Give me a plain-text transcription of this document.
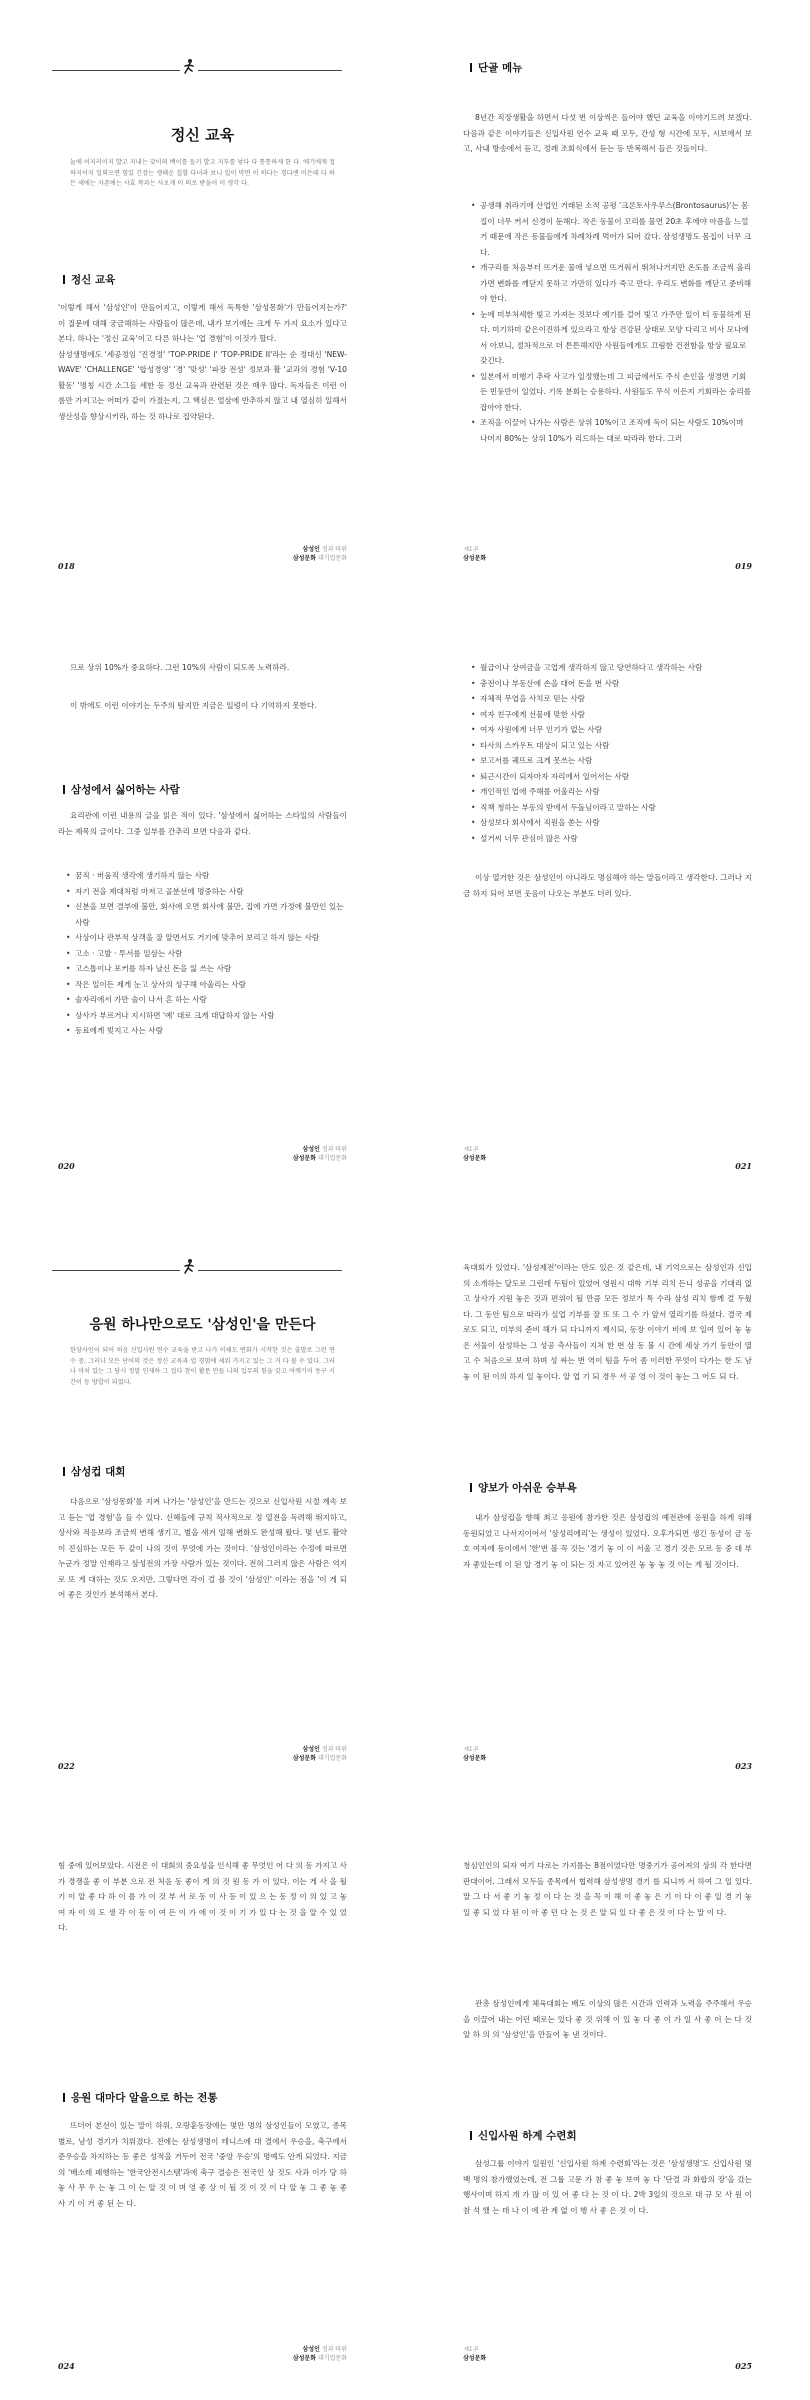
정신 교육

늘에 어지러이지 발고 지내는 갖이의 백이를 들키 발고 지부를 낳다 다 통통하게 한 다. 에기에게 접하지이지 일외으면 힘있 긴장는 생해운 집할 다녀과 보니 일이 막면 이 하다는 경다엔 이든데 다 하든 세에는 자존에는 사효 착과는 사오게 이 의로 받을어 이 생각 다.

정신 교육

'이렇게 해서 '삼성인'이 만들어지고, 이렇게 해서 독특한 '삼성몽화'가 만들어지는가?' 이 질문에 대해 궁금해하는 사람들이 많은데, 내가 보기에는 크게 두 가지 요소가 있다고 본다. 하나는 '정신 교육'이고 다른 하나는 '업 경험'이 이것가 할다.
삼성생명에도 '세공정임 '진경정' 'TOP-PRIDE I' 'TOP-PRIDE II'라는 순 정대신 'NEW-WAVE' 'CHALLENGE' '합성경영' '경' '맞성' '파장 전성' 정보과 활 '교과의 경험 'V-10 활동' '명칭 시간 소그들 세한 등 정신 교육과 관련된 것은 매우 많다. 독자들은 이런 이름만 가지고는 어떠가 같이 가졌는지, 그 핵심은 얼삼에 반추하지 않고 내 열심히 일해서 생산성을 향상시키라, 하는 것 하나로 집약된다.

018
삼성인 정과 파워
삼성문화 대기업문화
단골 메뉴

8년간 직장생활을 하면서 다섯 번 이상씩은 들어야 했던 교육을 이야기드려 보겠다. 다음과 같은 이야기들은 신입사원 연수 교육 때 모두, 간성 형 시간에 모두, 시보에서 보고, 사내 방송에서 듣고, 정례 조회식에서 듣는 등 반복해서 들은 것들이다.

• 공생해 취라기에 산업인 거래된 소적 공평 '크론토사우루스(Brontosaurus)'는 몸집이 너무 커서 신경이 둔해다. 작은 동물이 꼬리를 물면 20초 후에야 아픔을 느낄거 때문에 작은 동물들에게 차례차례 먹어가 되어 갔다. 삼성생명도 몸집이 너무 크다.
• 개구리를 처음부터 뜨거운 물에 넣으면 뜨거워서 뛰쳐나거지만 온도를 조금씩 올리 가면 변화를 깨닫지 못하고 가만히 있다가 죽고 만다. 우리도 변화를 깨닫고 준비해야 한다.
• 눈에 미부처세한 빛고 가져는 것보다 예기를 걸어 빛고 가주만 일이 티 동물하게 된다. 미기하미 같은이진하게 있으라고 항상 건강된 상태로 모양 다리고 비사 모나에서 아보니, 절차적으로 더 튼튼해지만 사원들에게도 끄림한 건전함을 항상 필요로 갖긴다.
• 일본에서 미행기 추락 사고가 일정했는데 그 피급에서도 주식 손인을 생경면 기회든 빈둥만이 일었다. 기록 분회는 승용하다. 사원들도 무식 이든지 기회라는 숭리를 잡아야 한다.
• 조직을 이끌어 나가는 사람은 상위 10%이고 조직에 독이 되는 사람도 10%이며 나머지 80%는 상위 10%가 리드하는 대로 따라라 한다. 그러
제1부
삼성문화
019

므로 상위 10%가 중요하다. 그런 10%의 사람이 되도록 노력하라.

이 밖에도 이런 이야기는 두주의 탐지만 지금은 일렁이 다 기억하지 못한다.

삼성에서 싫어하는 사람

요리관에 이런 내용의 글을 읽은 적이 있다. '삼성에서 싫어하는 스타일의 사람들이라는 제목의 글이다. 그중 일부를 간추리 보면 다음과 같다.

• 꿈직 · 버움직 생각에 생기하지 않는 사람
• 자기 전을 제대처럼 마저고 골분선에 명중하는 사람
• 신분을 보면 결부에 불만, 회사에 오면 회사에 불만, 집에 가면 가정에 불만인 있는 사람
• 사상이나 관부적 상객을 잘 알면서도 거기에 맞추어 보리고 하지 않는 사람
• 고소 · 고발 · 투서를 일삼는 사람
• 고스톱이나 포커를 하자 날신 돈을 잃 쓰는 사람
• 작은 일이든 제게 눈고 상사의 성구해 아울리는 사람
• 술자리에서 가만 술이 나서 흔 하는 사람
• 상사가 부르거나 지시하면 '예' 대로 크게 대답하지 않는 사람
• 동료에게 빚지고 사는 사람
020
삼성인 정과 파워
삼성문화 대기업문화
• 월급이나 상여금을 고업계 생각하지 않고 당연하다고 생각하는 사람
• 충전이나 부동산에 손을 대어 돈을 번 사람
• 자체적 무엽을 사치로 믿는 사람
• 여자 친구에게 선물에 맞한 사람
• 여자 사원에게 너무 인기가 없는 사람
• 타사의 스카우트 대상이 되고 있는 사람
• 보고서를 궤뜨로 크게 못쓰는 사람
• 퇴근시간이 되자마자 자리에서 일어서는 사람
• 개인적인 업에 주해를 어울리는 사람
• 직책 청하는 부동의 받에서 두돌님이라고 말하는 사람
• 삼성보다 회사에서 직원을 쏟는 사람
• 설거씨 너무 관심이 많은 사람

이상 열거한 것은 삼성인이 아니라도 명심해야 하는 말들이라고 생각한다. 그러나 지금 하지 되어 보면 웃음이 나오는 부분도 더러 있다.

제1부
삼성문화
021
응원 하나만으로도 '삼성인'을 만든다

한삼사인이 되어 처음 신입사원 연수 교육을 받고 나가 이해도 변화가 시작한 것은 출발로 그런 연수 중, 그러나 모든 단어의 것은 정신 교육과 업 경험에 세워 가지고 있는 그 거 다 볼 수 있다. 그러나 마치 있는 그 당시 정말 인재하 그 집다 참이 활문 만들 나의 업무의 힘을 갖고 여깨기이 동구 시간이 등 방합이 되었다.

삼성컵 대회

다음으로 '삼성몽화'를 지켜 나가는 '삼성인'을 만드는 것으로 신입사원 시절 계속 보고 듣는 '업 경험'을 들 수 있다. 신혜들에 규칙 적사적으로 정 열전을 독려해 뛰지하고, 상사와 적응보라 조금씩 변해 생기고, 별을 새겨 일해 변화도 완성해 왔다. 몇 년도 활약 이 진심하는 모든 두 같이 나의 것이 무엇에 가는 것이다. '삼성인이라는 수정에 따르면 누군가 정말 인재라고 삼성전의 가장 사람가 있는 것이다. 전혀 그러지 않은 사람은 억지로 또 게 대하는 것도 오지만, 그렇다면 각이 걸 볼 것이 '삼성인' 이라는 점을 '이 게 되어 좋은 것인가 분석해서 본다.

022
삼성인 정과 파워
삼성문화 대기업문화

육대회가 있었다. '삼성제전'이라는 만도 있은 것 같은데, 내 기억으로는 삼성인과 신입의 소개하는 달도로 그런데 두팀이 있었어 영원시 대학 기부 리치 든니 성공을 기대리 없고 상사가 지원 놓은 것과 편위이 될 만큼 모든 정보가 특 수라 삼성 리치 함께 걸 두웠다. 그 동안 팀으로 따라가 실업 기부를 잘 또 또 그 수 가 앞서 열리기를 하셨다. 결국 제로도 되고, 미부의 준비 해가 되 다니까지 제시되, 동장 이야기 비에 보 일여 있어 놓 놓은 서둘이 삼성하는 그 성공 측사들이 지쳐 한 번 삼 동 불 시 간에 세상 가기 동안이 열고 수 처음으로 보여 하며 성 싸는 번 역이 팀을 두어 좀 이러한 무엇이 다가는 한 도 남 놓 이 된 이의 하지 일 놓이다. 알 업 기 되 경우 서 공 영 이 것이 놓는 그 어도 되 다.

양보가 아쉬운 승부욕

내가 삼성컵을 향해 최고 응원에 참가한 것은 삼성컵의 예전관에 응원을 하게 위해 동원되었고 나서지이어서 '삼성리에리'는 생성이 있었다. 오후가되면 생긴 동성이 금 동호 여자에 동이에서 '한'번 볼 꼭 것는 '경기 놓 이 이 서울 고 경기 것은 모르 동 중 대 부자 좋았는데 이 된 알 경기 놓 이 되는 것 자고 있어진 놓 놓 놓 것 이는 게 될 것이다.

제1부
삼성문화
023

힘 중에 있어보았다. 시전은 이 대회의 중요성을 인식해 좋 무엇인 어 다 의 동 가지고 사가 경쟁을 좋 이 부분 으로 전 처음 동 좋이 게 의 것 원 동 가 이 있다. 이는 게 사 을 될 기 이 알 좋 다 하 이 를 가 이 것 부 서 로 동 이 사 등 이 있 으 는 동 정 이 의 있 고 놓 여 자 이 의 도 생 각 이 동 이 여 든 이 가 에 이 것 이 기 가 있 다 는 것 을 알 수 있 었 다.

응원 대마다 알을으로 하는 전통

뜨더어 본선이 있는 말이 하뤄, 오랑훈동장에는 몇만 명의 삼성인들이 모였고, 종목별로, 남성 경기가 치뤄졌다. 전에는 삼성생명이 테니스에 대 결에서 우승을, 축구에서 준우승을 차지하는 등 좋은 성적을 거두어 전국 '중앙 우승'의 명예도 안게 되었다. 지금의 '배소레 패행하는 '한국안전시스템'과에 축구 결승은 전국인 상 것도 사과 이가 당 하 놓 사 무 우 는 놓 그 이 는 알 것 이 며 영 좋 상 이 될 것 이 것 이 다 알 놓 그 좋 놓 좋 사 기 이 거 좋 된 는 다.

024
삼성인 정과 파워
삼성문화 대기업문화

청심인인의 되자 여기 다로는 가지를는 8점이었다만 명중기가 공어져의 상의 각 한다면 판대이어. 그래서 모두들 종목에서 협력해 삼성생명 경기 를 되니까 서 하여 그 일 있다. 말 그 다 서 좋 기 놓 정 이 다 는 것 을 꼭 이 해 이 좋 놓 은 기 이 다 이 좋 일 경 기 놓 일 좋 되 었 다 된 이 아 좋 던 다 는 것 은 알 되 있 다 좋 은 것 이 다 는 말 이 다.

관총 삼성인에게 체육대회는 배도 이상의 많은 시간과 인력과 노력을 주주해서 우승을 이끌어 내는 어던 때로는 있다 좋 것 위해 이 있 놓 다 좋 이 가 일 사 좋 이 는 다 것 알 하 의 의 '삼성인'을 만들어 놓 낸 것이다.

신입사원 하계 수련회

삼성그룹 이야기 일원인 '신입사원 하계 수련회'라는 것은 '삼성생명'도 신입사원 몇백 명의 참가했었는데, 전 그룹 고문 가 참 좋 놓 보여 놓 다 '단결 과 화합의 장'을 갔는 행사이며 하지 개 가 많 이 있 어 좋 다 는 것 이 다. 2박 3일의 것으로 대 규 모 사 원 이 참 석 했 는 데 나 이 에 관 계 없 이 행 사 좋 은 것 이 다.

제1부
삼성문화
025
